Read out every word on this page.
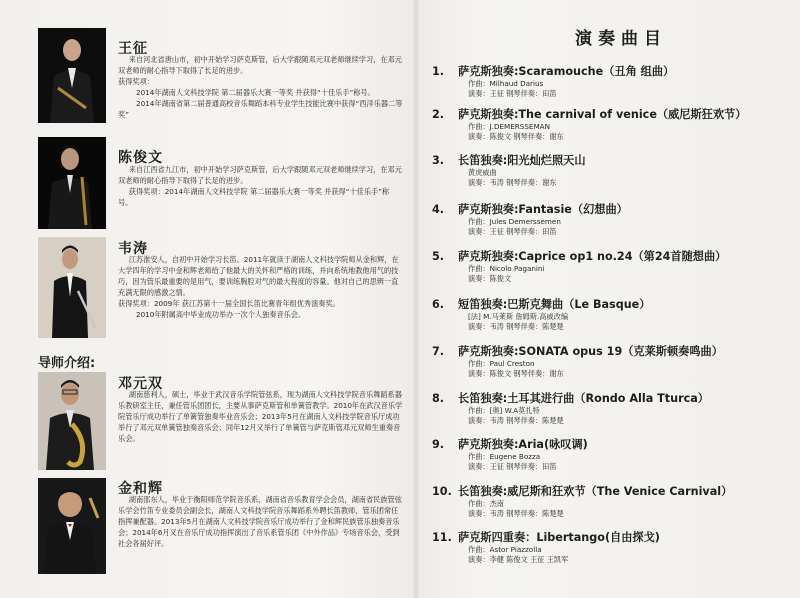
王征

来自河北省唐山市，初中开始学习萨克斯管，后大学跟随邓元双老师继续学习，在邓元双老师的耐心指导下取得了长足的进步。

获得奖项：

2014年湖南人文科技学院 第二届器乐大赛一等奖 并获得“十佳乐手”称号。

2014年湖南省第二届普通高校音乐舞蹈本科专业学生技能比赛中获得“西洋乐器二等奖”

陈俊文

来自江西省九江市，初中开始学习萨克斯管，后大学跟随邓元双老师继续学习，在邓元双老师的耐心指导下取得了长足的进步。

获得奖项：2014年湖南人文科技学院 第二届器乐大赛一等奖 并获得“十佳乐手”称号。

韦涛

江苏淮安人，自初中开始学习长笛。2011年就读于湖南人文科技学院师从金和辉，在大学四年的学习中金和辉老师给了他最大的关怀和严格的训练，并向系统地教他用气的技巧，因为管乐最重要的是用气，要训练胸腔对气的最大程度的容量。他对自己的思辨一直充满无限的感激之情。

获得奖项：2009年 获江苏第十一届全国长笛比赛青年组优秀演奏奖。

2010年附属高中毕业成功举办一次个人独奏音乐会。

导师介绍:
邓元双

湖南慈利人，硕士，毕业于武汉音乐学院管弦系，现为湖南人文科技学院音乐舞蹈系器乐教研室主任，兼任管乐团团长，主要从事萨克斯管和单簧管教学。2010年在武汉音乐学院管乐厅成功举行了单簧管独奏毕业音乐会；2013年5月在湖南人文科技学院音乐厅成功举行了邓元双单簧管独奏音乐会；同年12月又举行了单簧管与萨克斯管邓元双师生重奏音乐会。

金和辉

湖南邵东人，毕业于衡阳师范学院音乐系，湖南省音乐教育学会会员，湖南省民族管弦乐学会竹笛专业委员会副会长，湖南人文科技学院音乐舞蹈系外聘长笛教师，管乐团常任指挥兼配器。2013年5月在湖南人文科技学院音乐厅成功举行了金和辉民族管乐独奏音乐会；2014年6月又在音乐厅成功指挥演出了音乐系管乐团《中外作品》专场音乐会，受到社会各届好评。

演奏曲目
1. 萨克斯独奏:Scaramouche（丑角 组曲）
作曲：Milhaud Darius
演奏：王征 钢琴伴奏：田笛
2. 萨克斯独奏:The carnival of venice（威尼斯狂欢节）
作曲：J.DEMERSSEMAN
演奏：陈俊文 钢琴伴奏：谢东
3. 长笛独奏:阳光灿烂照天山
黄虎威曲
演奏：韦涛 钢琴伴奏：谢东
4. 萨克斯独奏:Fantasie（幻想曲）
作曲：Jules Demerssemen
演奏：王征 钢琴伴奏：田笛
5. 萨克斯独奏:Caprice op1 no.24（第24首随想曲）
作曲：Nicolo Paganini
演奏：陈俊文
6. 短笛独奏:巴斯克舞曲（Le Basque）
[法] M.马莱斯 詹姆斯.高威改编
演奏：韦涛 钢琴伴奏：陈楚楚
7. 萨克斯独奏:SONATA opus 19（克莱斯顿奏鸣曲）
作曲：Paul Creston
演奏：陈俊文 钢琴伴奏：谢东
8. 长笛独奏:土耳其进行曲（Rondo Alla Tturca）
作曲：[奥] W.A莫扎特
演奏：韦涛 钢琴伴奏：陈楚楚
9. 萨克斯独奏:Aria(咏叹调)
作曲：Eugene Bozza
演奏：王征 钢琴伴奏：田笛
10. 长笛独奏:威尼斯和狂欢节（The Venice Carnival）
作曲：杰南
演奏：韦涛 钢琴伴奏：陈楚楚
11. 萨克斯四重奏：Libertango(自由探戈)
作曲：Astor Piazzolla
演奏：李健 陈俊文 王征 王凯军
